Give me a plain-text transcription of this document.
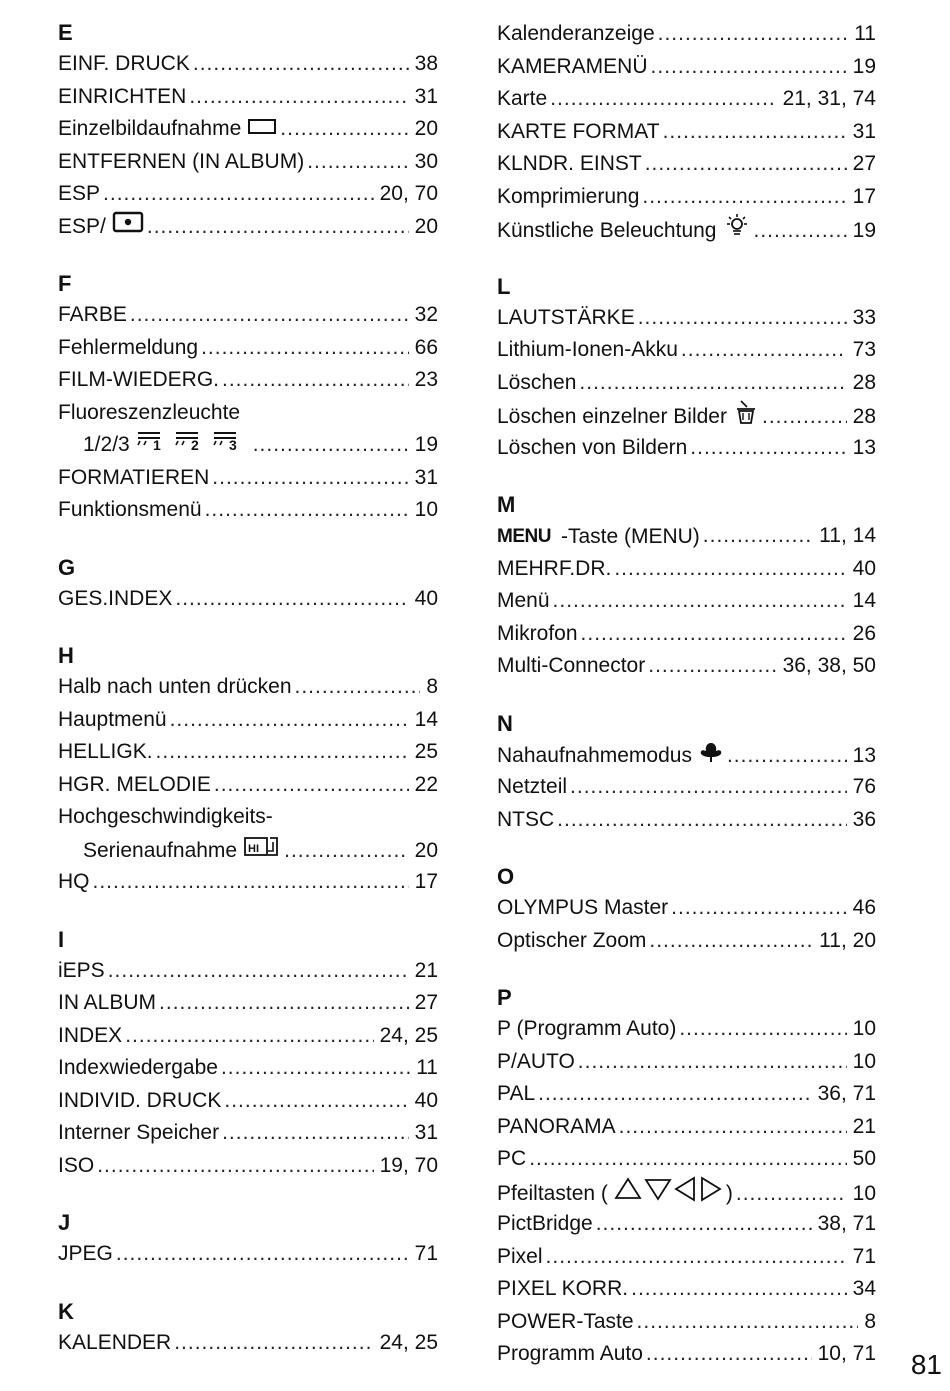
E
EINF. DRUCK .....	38
EINRICHTEN .....	31
Einzelbildaufnahme .....	20
ENTFERNEN (IN ALBUM) .....	30
ESP .....	20, 70
ESP/ .....	20
F
FARBE .....	32
Fehlermeldung .....	66
FILM-WIEDERG. .....	23
Fluoreszenzleuchte
1/2/3 1 2 3 .....	19
FORMATIEREN .....	31
Funktionsmenü .....	10
G
GES.INDEX .....	40
H
Halb nach unten drücken .....	8
Hauptmenü .....	14
HELLIGK. .....	25
HGR. MELODIE .....	22
Hochgeschwindigkeits-
Serienaufnahme HI .....	20
HQ .....	17
I
iEPS .....	21
IN ALBUM .....	27
INDEX .....	24, 25
Indexwiedergabe .....	11
INDIVID. DRUCK .....	40
Interner Speicher .....	31
ISO .....	19, 70
J
JPEG .....	71
K
KALENDER .....	24, 25
Kalenderanzeige .....	11
KAMERAMENÜ .....	19
Karte .....	21, 31, 74
KARTE FORMAT .....	31
KLNDR. EINST .....	27
Komprimierung .....	17
Künstliche Beleuchtung .....	19
L
LAUTSTÄRKE .....	33
Lithium-Ionen-Akku .....	73
Löschen .....	28
Löschen einzelner Bilder .....	28
Löschen von Bildern .....	13
M
MENU -Taste (MENU) .....	11, 14
MEHRF.DR. .....	40
Menü .....	14
Mikrofon .....	26
Multi-Connector .....	36, 38, 50
N
Nahaufnahmemodus .....	13
Netzteil .....	76
NTSC .....	36
O
OLYMPUS Master .....	46
Optischer Zoom .....	11, 20
P
P (Programm Auto) .....	10
P/AUTO .....	10
PAL .....	36, 71
PANORAMA .....	21
PC .....	50
Pfeiltasten (	) .....	10
PictBridge .....	38, 71
Pixel .....	71
PIXEL KORR. .....	34
POWER-Taste .....	8
Programm Auto .....	10, 71 81
